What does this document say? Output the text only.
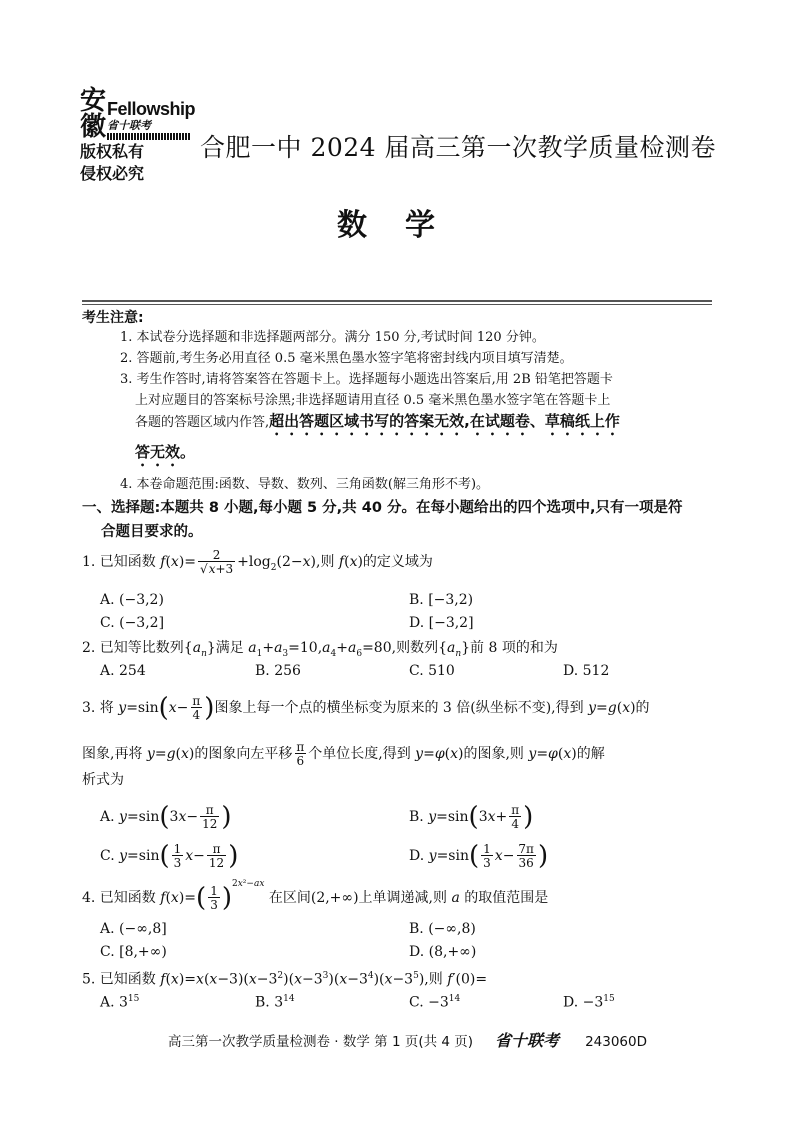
安徽
Fellowship
省十联考
版权私有
侵权必究
合肥一中 2024 届高三第一次教学质量检测卷
数学
考生注意:
1. 本试卷分选择题和非选择题两部分。满分 150 分,考试时间 120 分钟。
2. 答题前,考生务必用直径 0.5 毫米黑色墨水签字笔将密封线内项目填写清楚。
3. 考生作答时,请将答案答在答题卡上。选择题每小题选出答案后,用 2B 铅笔把答题卡
上对应题目的答案标号涂黑;非选择题请用直径 0.5 毫米黑色墨水签字笔在答题卡上
各题的答题区域内作答,超出答题区域书写的答案无效,在试题卷、草稿纸上作
答无效。
4. 本卷命题范围:函数、导数、数列、三角函数(解三角形不考)。
一、选择题:本题共 8 小题,每小题 5 分,共 40 分。在每小题给出的四个选项中,只有一项是符
合题目要求的。
1. 已知函数 $f(x)= \frac{2}{√x+3} +\log_2(2-x)$,则 f(x)的定义域为
A. (−3,2)	B. [−3,2)
C. (−3,2]	D. [−3,2]
2. 已知等比数列$\{a_n\}$满足 $a_1+a_3=10,a_4+a_6=80$,则数列$\{a_n\}$前 8 项的和为
A. 254	B. 256	C. 510	D. 512
3. 将 $y=\sin(x- \frac{\pi}{4}$ )图象上每一个点的横坐标变为原来的 3 倍(纵坐标不变),得到 y=g(x)的
图象,再将 y=g(x)的图象向左平移 $\frac{\pi}{6}$ 个单位长度,得到 y=φ(x)的图象,则 y=φ(x)的解
析式为
A. $y=\sin(3x- \frac{\pi}{12}$ )	B. $y=\sin(3x+ \frac{\pi}{4}$ )
C. $y=\sin( \frac{1}{3} x- \frac{\pi}{12}$ )	D. $y=\sin( \frac{1}{3} x- \frac{7\pi}{36}$ )
4. 已知函数 $f(x)=( \frac{1}{3} )^{2x^2-ax}$ 在区间(2,+∞)上单调递减,则 a 的取值范围是
A. (−∞,8]	B. (−∞,8)
C. [8,+∞)	D. (8,+∞)
5. 已知函数 $f(x)=x(x-3)(x-3^2)(x-3^3)(x-3^4)(x-3^5)$,则 f′(0)=
A. $3^{15}$	B. $3^{14}$	C. $-3^{14}$	D. $-3^{15}$
高三第一次教学质量检测卷 · 数学 第 1 页(共 4 页) 省十联考 243060D
